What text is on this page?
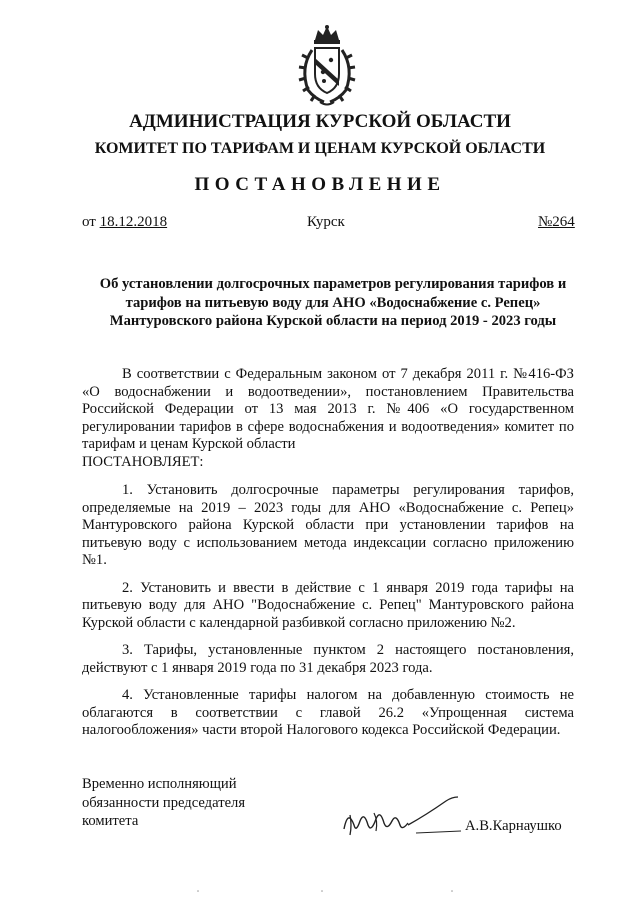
АДМИНИСТРАЦИЯ КУРСКОЙ ОБЛАСТИ
КОМИТЕТ ПО ТАРИФАМ И ЦЕНАМ КУРСКОЙ ОБЛАСТИ
ПОСТАНОВЛЕНИЕ
от 18.12.2018	Курск	№264
Об установлении долгосрочных параметров регулирования тарифов и тарифов на питьевую воду для АНО «Водоснабжение с. Репец» Мантуровского района Курской области на период 2019 - 2023 годы

В соответствии с Федеральным законом от 7 декабря 2011 г. №416-ФЗ «О водоснабжении и водоотведении», постановлением Правительства Российской Федерации от 13 мая 2013 г. №406 «О государственном регулировании тарифов в сфере водоснабжения и водоотведения» комитет по тарифам и ценам Курской области

ПОСТАНОВЛЯЕТ:

1. Установить долгосрочные параметры регулирования тарифов, определяемые на 2019 – 2023 годы для АНО «Водоснабжение с. Репец» Мантуровского района Курской области при установлении тарифов на питьевую воду с использованием метода индексации согласно приложению №1.

2. Установить и ввести в действие с 1 января 2019 года тарифы на питьевую воду для АНО "Водоснабжение с. Репец" Мантуровского района Курской области с календарной разбивкой согласно приложению №2.

3. Тарифы, установленные пунктом 2 настоящего постановления, действуют с 1 января 2019 года по 31 декабря 2023 года.

4. Установленные тарифы налогом на добавленную стоимость не облагаются в соответствии с главой 26.2 «Упрощенная система налогообложения» части второй Налогового кодекса Российской Федерации.

Временно исполняющий
обязанности председателя
комитета	А.В.Карнаушко
